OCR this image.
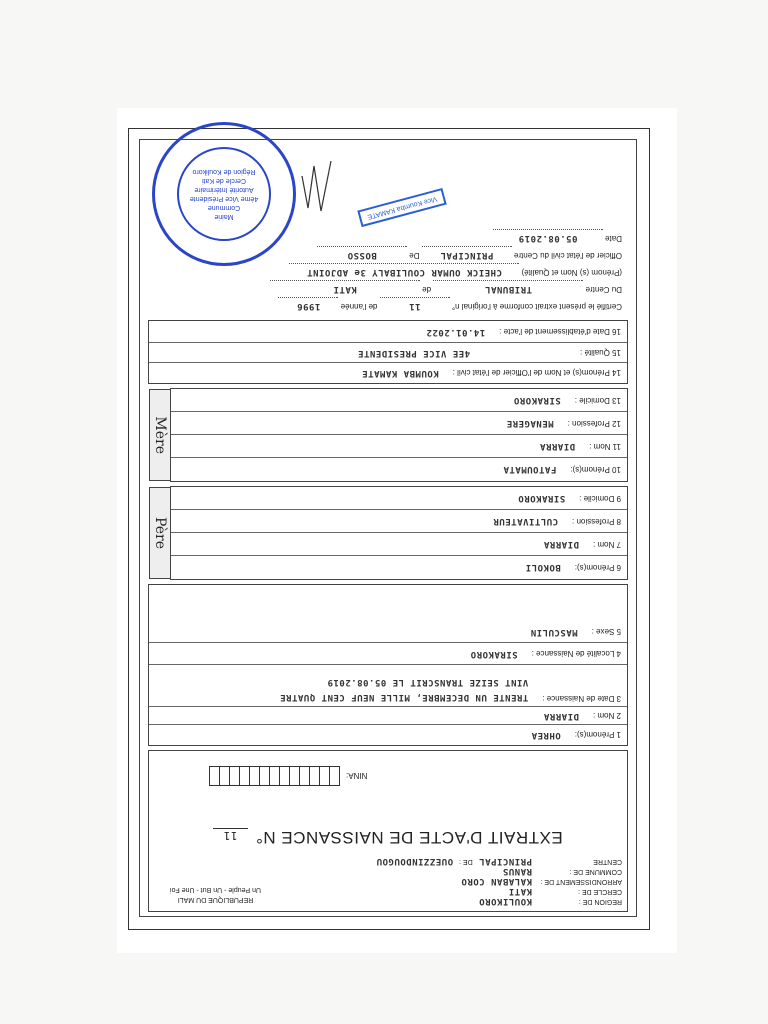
REGION DE :
KOULIKORO
CERCLE DE :
KATI
ARRONDISSEMENT DE :
KALABAN CORO
COMMUNE DE :
RANUS
CENTRE
PRINCIPAL
DE :
OUEZZINDOUGOU
REPUBLIQUE DU MALI
Un Peuple - Un But - Une Foi
EXTRAIT D'ACTE DE NAISSANCE N°11
NINA:
1 Prénom(s):
OHREA
2 Nom :
DIARRA
3 Date de Naissance :
TRENTE UN DECEMBRE, MILLE NEUF CENT QUATRE
VINT SEIZE TRANSCRIT LE 05.08.2019
4 Localité de Naissance :
SIRAKORO
5 Sexe :
MASCULIN
6 Prénom(s):
BOKOLI
7 Nom :
DIARRA
8 Profession :
CULTIVATEUR
9 Domicile :
SIRAKORO
Père
10 Prénom(s):
FATOUMATA
11 Nom :
DIARRA
12 Profession :
MENAGERE
13 Domicile :
SIRAKORO
Mère
14 Prénom(s) et Nom de l'Officier de l'état civil :
KOUMBA KAMATE
15 Qualité :
4EE VICE PRESIDENTE
16 Date d'établissement de l'acte :
14.01.2022
Certifié le présent extrait conforme à l'original n° 11 de l'année 1996
Du Centre TRIBUNAL de KATI
(Prénom (s) Nom et Qualité) CHEICK OUMAR COULIBALY 3e ADJOINT
Officier de l'état civil du Centre PRINCIPAL De BOSSO
Date 05.08.2019
Mairie
Commune
4ème Vice Présidente
Autorité Intérimaire
Cercle de Kati
Région de Koulikoro
Vice Koumba KAMATE
